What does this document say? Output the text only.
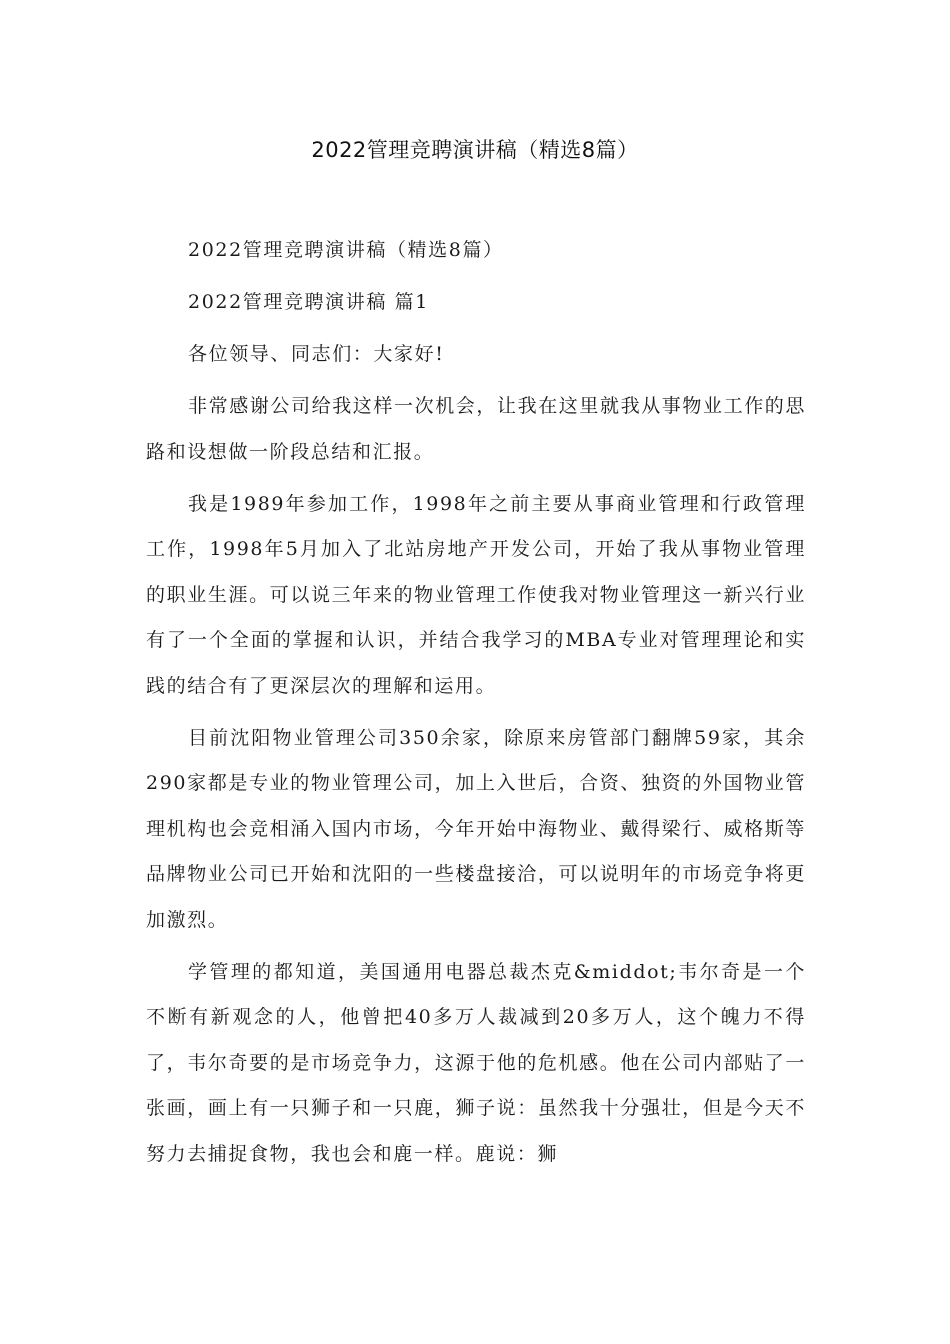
2022管理竞聘演讲稿（精选8篇）

2022管理竞聘演讲稿（精选8篇）

2022管理竞聘演讲稿 篇1

各位领导、同志们：大家好!

非常感谢公司给我这样一次机会，让我在这里就我从事物业工作的思路和设想做一阶段总结和汇报。

我是1989年参加工作，1998年之前主要从事商业管理和行政管理工作，1998年5月加入了北站房地产开发公司，开始了我从事物业管理的职业生涯。可以说三年来的物业管理工作使我对物业管理这一新兴行业有了一个全面的掌握和认识，并结合我学习的MBA专业对管理理论和实践的结合有了更深层次的理解和运用。

目前沈阳物业管理公司350余家，除原来房管部门翻牌59家，其余290家都是专业的物业管理公司，加上入世后，合资、独资的外国物业管理机构也会竞相涌入国内市场，今年开始中海物业、戴得梁行、威格斯等品牌物业公司已开始和沈阳的一些楼盘接洽，可以说明年的市场竞争将更加激烈。

学管理的都知道，美国通用电器总裁杰克&middot;韦尔奇是一个不断有新观念的人，他曾把40多万人裁减到20多万人，这个魄力不得了，韦尔奇要的是市场竞争力，这源于他的危机感。他在公司内部贴了一张画，画上有一只狮子和一只鹿，狮子说：虽然我十分强壮，但是今天不努力去捕捉食物，我也会和鹿一样。鹿说：狮
